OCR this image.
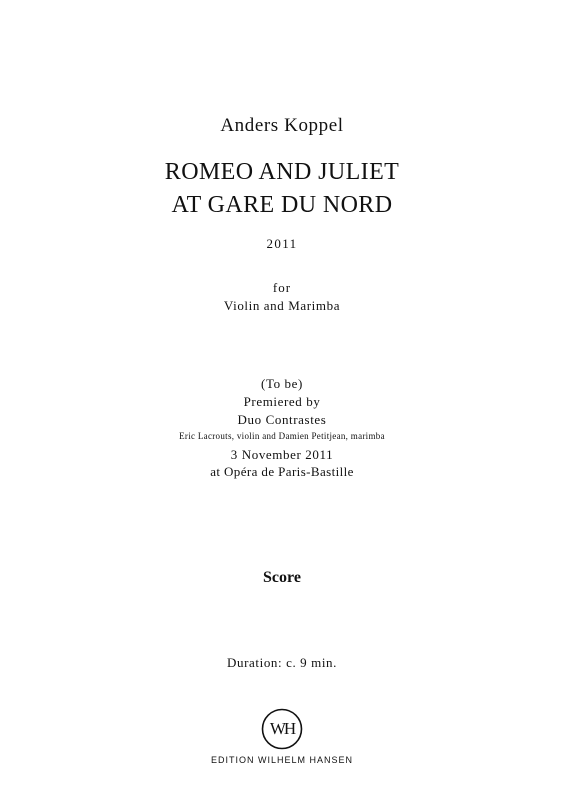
Anders Koppel
ROMEO AND JULIET
AT GARE DU NORD
2011
for
Violin and Marimba
(To be)
Premiered by
Duo Contrastes
Eric Lacrouts, violin and Damien Petitjean, marimba
3 November 2011
at Opéra de Paris-Bastille
Score
Duration: c. 9 min.
WH
EDITION WILHELM HANSEN
